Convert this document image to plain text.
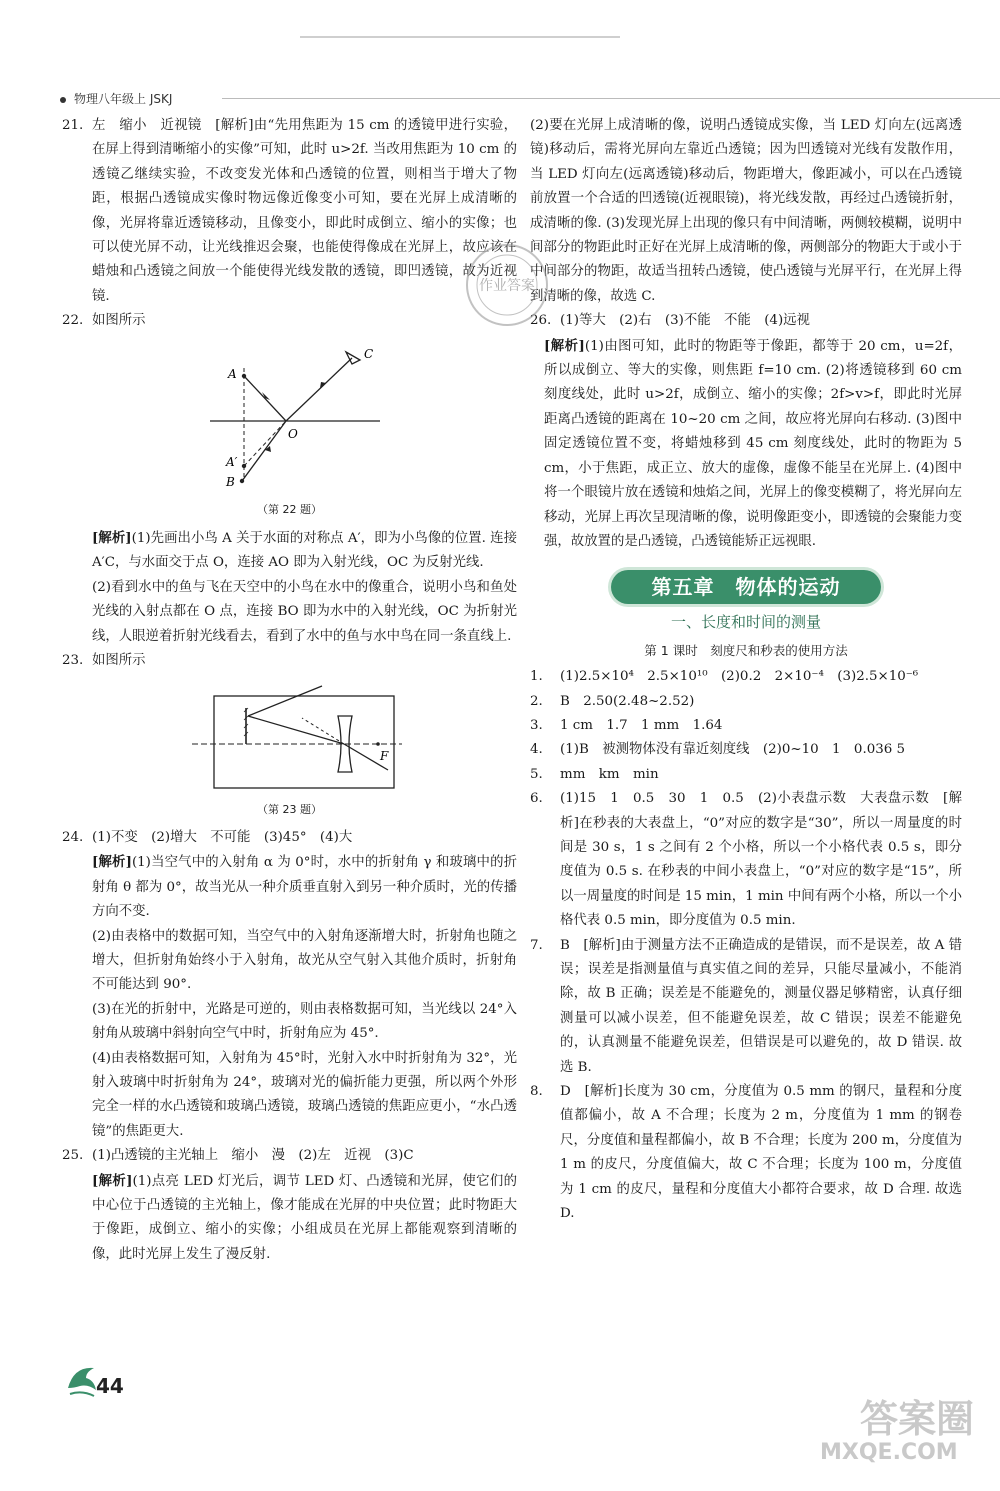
物理八年级上 JSKJ
21. 左　缩小　近视镜　[解析]由“先用焦距为 15 cm 的透镜甲进行实验，在屏上得到清晰缩小的实像”可知，此时 u>2f. 当改用焦距为 10 cm 的透镜乙继续实验，不改变发光体和凸透镜的位置，则相当于增大了物距，根据凸透镜成实像时物远像近像变小可知，要在光屏上成清晰的像，光屏将靠近透镜移动，且像变小，即此时成倒立、缩小的实像；也可以使光屏不动，让光线推迟会聚，也能使得像成在光屏上，故应该在蜡烛和凸透镜之间放一个能使得光线发散的透镜，即凹透镜，故为近视镜.
22. 如图所示
A
A′
B
C
O

（第 22 题）

[解析](1)先画出小鸟 A 关于水面的对称点 A′，即为小鸟像的位置. 连接 A′C，与水面交于点 O，连接 AO 即为入射光线，OC 为反射光线.

(2)看到水中的鱼与飞在天空中的小鸟在水中的像重合，说明小鸟和鱼处光线的入射点都在 O 点，连接 BO 即为水中的入射光线，OC 为折射光线，人眼逆着折射光线看去，看到了水中的鱼与水中鸟在同一条直线上.

23. 如图所示
F

（第 23 题）

24. (1)不变　(2)增大　不可能　(3)45°　(4)大

[解析](1)当空气中的入射角 α 为 0°时，水中的折射角 γ 和玻璃中的折射角 θ 都为 0°，故当光从一种介质垂直射入到另一种介质时，光的传播方向不变.

(2)由表格中的数据可知，当空气中的入射角逐渐增大时，折射角也随之增大，但折射角始终小于入射角，故光从空气射入其他介质时，折射角不可能达到 90°.

(3)在光的折射中，光路是可逆的，则由表格数据可知，当光线以 24°入射角从玻璃中斜射向空气中时，折射角应为 45°.

(4)由表格数据可知，入射角为 45°时，光射入水中时折射角为 32°，光射入玻璃中时折射角为 24°，玻璃对光的偏折能力更强，所以两个外形完全一样的水凸透镜和玻璃凸透镜，玻璃凸透镜的焦距应更小，“水凸透镜”的焦距更大.

25. (1)凸透镜的主光轴上　缩小　漫　(2)左　近视　(3)C

[解析](1)点亮 LED 灯光后，调节 LED 灯、凸透镜和光屏，使它们的中心位于凸透镜的主光轴上，像才能成在光屏的中央位置；此时物距大于像距，成倒立、缩小的实像；小组成员在光屏上都能观察到清晰的像，此时光屏上发生了漫反射.

(2)要在光屏上成清晰的像，说明凸透镜成实像，当 LED 灯向左(远离透镜)移动后，需将光屏向左靠近凸透镜；因为凹透镜对光线有发散作用，当 LED 灯向左(远离透镜)移动后，物距增大，像距减小，可以在凸透镜前放置一个合适的凹透镜(近视眼镜)，将光线发散，再经过凸透镜折射，成清晰的像. (3)发现光屏上出现的像只有中间清晰，两侧较模糊，说明中间部分的物距此时正好在光屏上成清晰的像，两侧部分的物距大于或小于中间部分的物距，故适当扭转凸透镜，使凸透镜与光屏平行，在光屏上得到清晰的像，故选 C.

26. (1)等大　(2)右　(3)不能　不能　(4)远视

[解析](1)由图可知，此时的物距等于像距，都等于 20 cm，u=2f，所以成倒立、等大的实像，则焦距 f=10 cm. (2)将透镜移到 60 cm 刻度线处，此时 u>2f，成倒立、缩小的实像；2f>v>f，即此时光屏距离凸透镜的距离在 10~20 cm 之间，故应将光屏向右移动. (3)图中固定透镜位置不变，将蜡烛移到 45 cm 刻度线处，此时的物距为 5 cm，小于焦距，成正立、放大的虚像，虚像不能呈在光屏上. (4)图中将一个眼镜片放在透镜和烛焰之间，光屏上的像变模糊了，将光屏向左移动，光屏上再次呈现清晰的像，说明像距变小，即透镜的会聚能力变强，故放置的是凸透镜，凸透镜能矫正远视眼.

第五章　物体的运动
一、长度和时间的测量
第 1 课时　刻度尺和秒表的使用方法
1.	(1)2.5×10⁴　2.5×10¹⁰　(2)0.2　2×10⁻⁴　(3)2.5×10⁻⁶
2.	B　2.50(2.48~2.52)
3.	1 cm　1.7　1 mm　1.64
4.	(1)B　被测物体没有靠近刻度线　(2)0~10　1　0.036 5
5.	mm　km　min
6.	(1)15　1　0.5　30　1　0.5　(2)小表盘示数　大表盘示数　[解析]在秒表的大表盘上，“0”对应的数字是“30”，所以一周量度的时间是 30 s，1 s 之间有 2 个小格，所以一个小格代表 0.5 s，即分度值为 0.5 s. 在秒表的中间小表盘上，“0”对应的数字是“15”，所以一周量度的时间是 15 min，1 min 中间有两个小格，所以一个小格代表 0.5 min，即分度值为 0.5 min.
7.	B　[解析]由于测量方法不正确造成的是错误，而不是误差，故 A 错误；误差是指测量值与真实值之间的差异，只能尽量减小，不能消除，故 B 正确；误差是不能避免的，测量仪器足够精密，认真仔细测量可以减小误差，但不能避免误差，故 C 错误；误差不能避免的，认真测量不能避免误差，但错误是可以避免的，故 D 错误. 故选 B.
8.	D　[解析]长度为 30 cm，分度值为 0.5 mm 的钢尺，量程和分度值都偏小，故 A 不合理；长度为 2 m，分度值为 1 mm 的钢卷尺，分度值和量程都偏小，故 B 不合理；长度为 200 m，分度值为 1 m 的皮尺，分度值偏大，故 C 不合理；长度为 100 m，分度值为 1 cm 的皮尺，量程和分度值大小都符合要求，故 D 合理. 故选 D.
作业答案
44
答案圈
MXQE.COM
